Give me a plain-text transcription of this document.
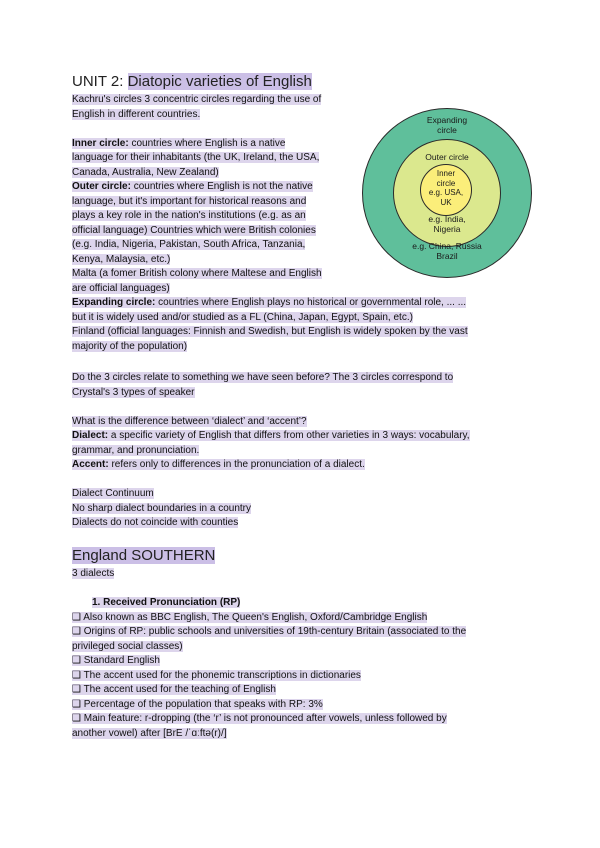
UNIT 2: Diatopic varieties of English
Kachru's circles 3 concentric circles regarding the use of
English in different countries.
Inner circle: countries where English is a native
language for their inhabitants (the UK, Ireland, the USA,
Canada, Australia, New Zealand)
Outer circle: countries where English is not the native
language, but it's important for historical reasons and
plays a key role in the nation's institutions (e.g. as an
official language) Countries which were British colonies
(e.g. India, Nigeria, Pakistan, South Africa, Tanzania,
Kenya, Malaysia, etc.)
Malta (a fomer British colony where Maltese and English
are official languages)
Expanding circle: countries where English plays no historical or governmental role, ... ...
but it is widely used and/or studied as a FL (China, Japan, Egypt, Spain, etc.)
Finland (official languages: Finnish and Swedish, but English is widely spoken by the vast
majority of the population)
Expanding
circle
e.g. China, Russia
Brazil
Outer circle
e.g. India,
Nigeria
Inner
circle
e.g. USA,
UK
Do the 3 circles relate to something we have seen before? The 3 circles correspond to
Crystal's 3 types of speaker
What is the difference between ‘dialect’ and ‘accent’?
Dialect: a specific variety of English that differs from other varieties in 3 ways: vocabulary,
grammar, and pronunciation.
Accent: refers only to differences in the pronunciation of a dialect.
Dialect Continuum
No sharp dialect boundaries in a country
Dialects do not coincide with counties
England SOUTHERN
3 dialects
1. Received Pronunciation (RP)
❑ Also known as BBC English, The Queen's English, Oxford/Cambridge English
❑ Origins of RP: public schools and universities of 19th-century Britain (associated to the
privileged social classes)
❑ Standard English
❑ The accent used for the phonemic transcriptions in dictionaries
❑ The accent used for the teaching of English
❑ Percentage of the population that speaks with RP: 3%
❑ Main feature: r-dropping (the ‘r’ is not pronounced after vowels, unless followed by
another vowel) after [BrE /ˈɑːftə(r)/]
